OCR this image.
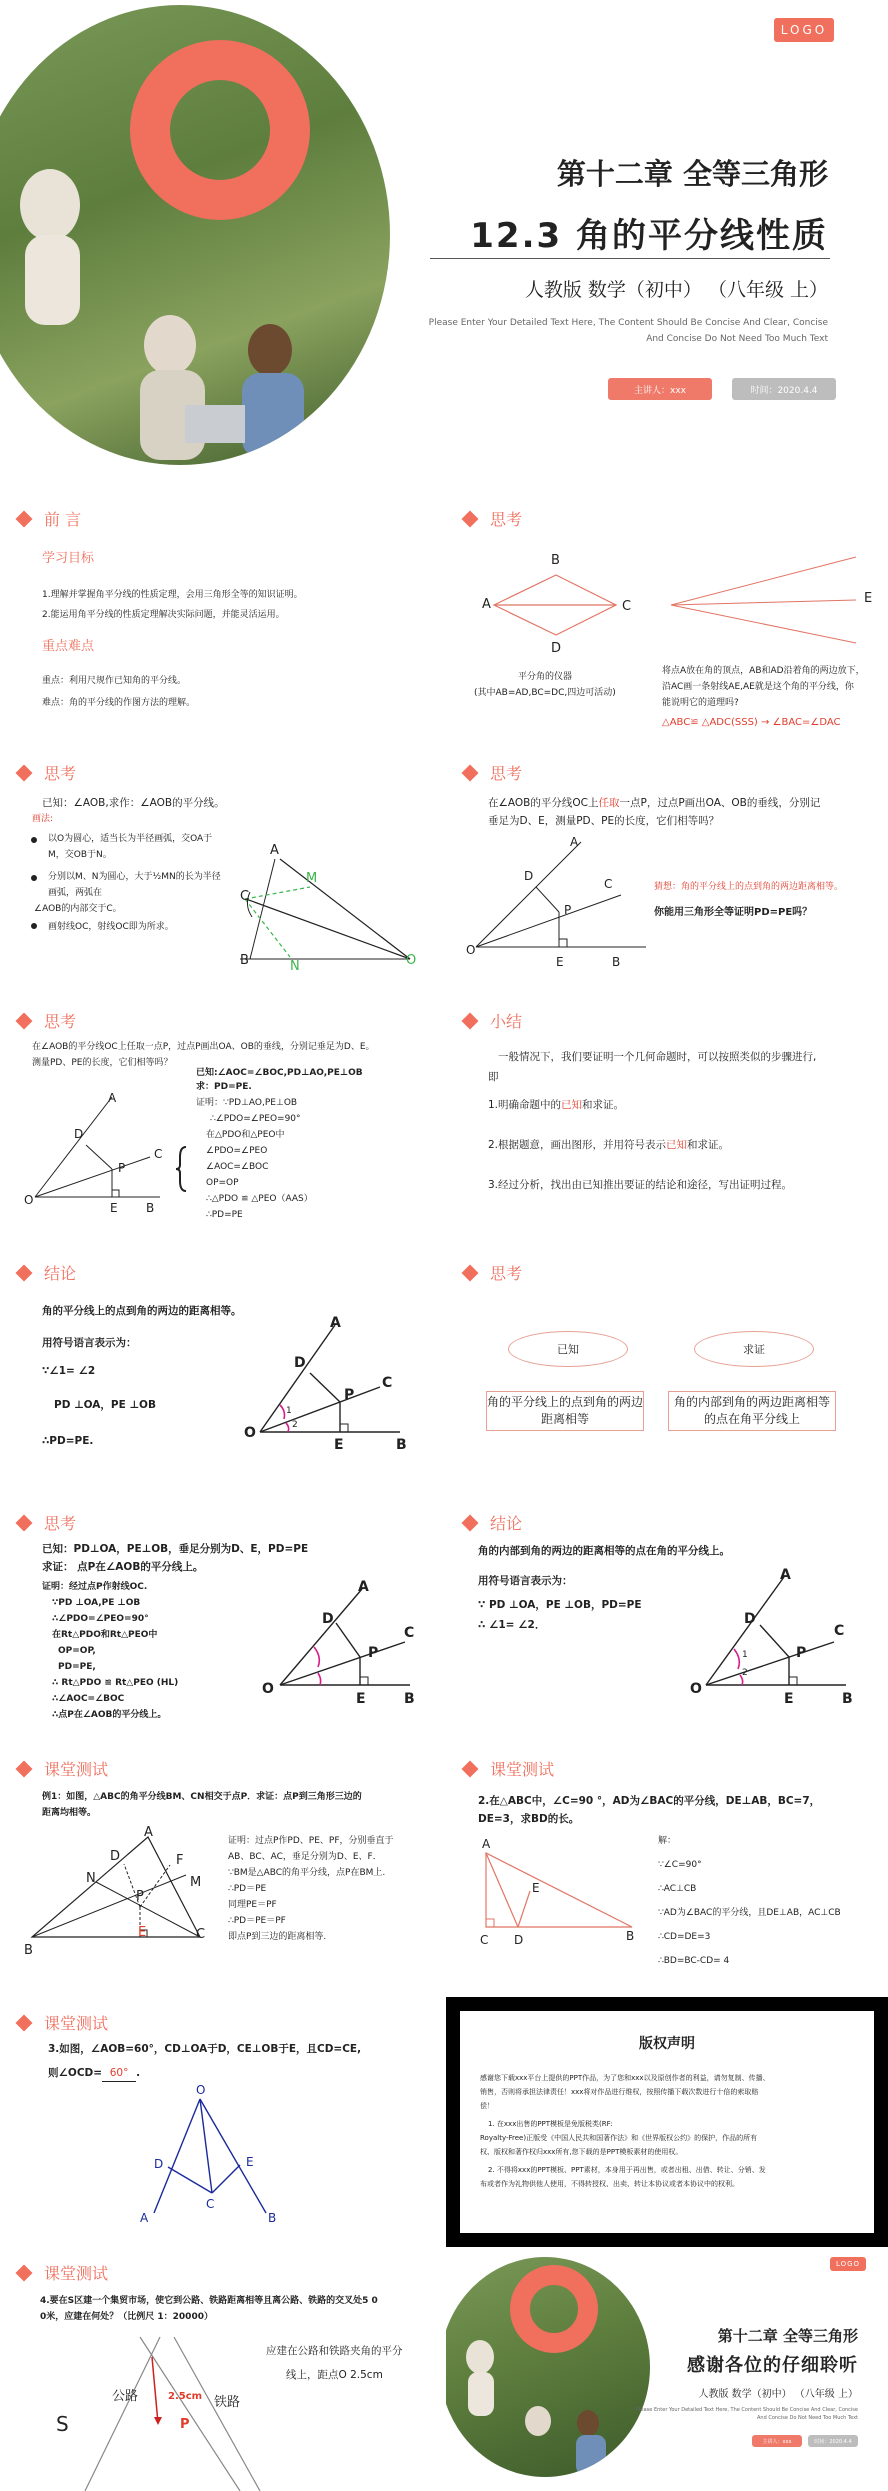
LOGO
第十二章 全等三角形
12.3 角的平分线性质
人教版 数学（初中） （八年级 上）
Please Enter Your Detailed Text Here, The Content Should Be Concise And Clear, Concise
And Concise Do Not Need Too Much Text
主讲人：xxx	时间：2020.4.4
前 言
学习目标
1.理解并掌握角平分线的性质定理，会用三角形全等的知识证明。
2.能运用角平分线的性质定理解决实际问题，并能灵活运用。
重点难点
重点：利用尺规作已知角的平分线。
难点：角的平分线的作图方法的理解。
思考
A
B
C
D
E
平分角的仪器
(其中AB=AD,BC=DC,四边可活动)
将点A放在角的顶点，AB和AD沿着角的两边放下，
沿AC画一条射线AE,AE就是这个角的平分线，你
能说明它的道理吗?
△ABC≌ △ADC(SSS) → ∠BAC=∠DAC
思考
已知：∠AOB,求作：∠AOB的平分线。
画法:
以O为圆心，适当长为半径画弧，交OA于
M，交OB于N。
分别以M、N为圆心，大于½MN的长为半径
画弧，两弧在
∠AOB的内部交于C。
画射线OC，射线OC即为所求。
A
M
C
B	N	O
思考
在∠AOB的平分线OC上任取一点P，过点P画出OA、OB的垂线，分别记
垂足为D、E，测量PD、PE的长度，它们相等吗？
A
D
C
P
O
E	B
猜想：角的平分线上的点到角的两边距离相等。
你能用三角形全等证明PD=PE吗？
思考
在∠AOB的平分线OC上任取一点P，过点P画出OA、OB的垂线，分别记垂足为D、E。
测量PD、PE的长度，它们相等吗？
A
D
C
P
O
E B
已知:∠AOC=∠BOC,PD⊥AO,PE⊥OB
求：PD=PE.
证明：∵PD⊥AO,PE⊥OB
∴∠PDO=∠PEO=90°
在△PDO和△PEO中
∠PDO=∠PEO
∠AOC=∠BOC
OP=OP
∴△PDO ≌ △PEO（AAS）
∴PD=PE
小结
一般情况下，我们要证明一个几何命题时，可以按照类似的步骤进行,
即
1.明确命题中的已知和求证。
2.根据题意，画出图形，并用符号表示已知和求证。
3.经过分析，找出由已知推出要证的结论和途径，写出证明过程。
结论
角的平分线上的点到角的两边的距离相等。
用符号语言表示为：
∵∠1= ∠2
PD ⊥OA，PE ⊥OB
∴PD=PE.
A
D
C
P
O
E	B
1
2
思考
已知	求证
角的平分线上的点到角的两边距离相等
角的内部到角的两边距离相等的点在角平分线上
思考
已知：PD⊥OA，PE⊥OB，垂足分别为D、E，PD=PE
求证： 点P在∠AOB的平分线上。
证明：经过点P作射线OC.
∵PD ⊥OA,PE ⊥OB
∴∠PDO=∠PEO=90°
在Rt△PDO和Rt△PEO中
OP=OP,
PD=PE,
∴ Rt△PDO ≌ Rt△PEO (HL)
∴∠AOC=∠BOC
∴点P在∠AOB的平分线上。
A
D
C
P
O
E	B
结论
角的内部到角的两边的距离相等的点在角的平分线上。
用符号语言表示为：
∵ PD ⊥OA，PE ⊥OB，PD=PE
∴ ∠1= ∠2．
A
D
C
P
O
E	B
1
2
课堂测试
例1：如图，△ABC的角平分线BM、CN相交于点P．求证：点P到三角形三边的
距离均相等。
A
D	F
N	M
P
B
E	C
证明：过点P作PD、PE、PF，分别垂直于
AB、BC、AC，垂足分别为D、E、F．
∵BM是△ABC的角平分线，点P在BM上.
∴PD＝PE
同理PE＝PF
∴PD＝PE＝PF
即点P到三边的距离相等.
课堂测试
2.在△ABC中，∠C=90 °，AD为∠BAC的平分线，DE⊥AB，BC=7，
DE=3，求BD的长。
A
E
C D	B
解：
∵∠C=90°
∴AC⊥CB
∵AD为∠BAC的平分线，且DE⊥AB，AC⊥CB
∴CD=DE=3
∴BD=BC-CD= 4
课堂测试
3.如图，∠AOB=60°，CD⊥OA于D，CE⊥OB于E，且CD=CE,
则∠OCD= 60° .
O
D	E
C
A	B
版权声明
感谢您下载xxx平台上提供的PPT作品，为了您和xxx以及原创作者的利益，请勿复制、传播、
销售，否则将承担法律责任！xxx将对作品进行维权，按照传播下载次数进行十倍的索取赔
偿！
1. 在xxx出售的PPT模板是免版税类(RF:
Royalty-Free)正版受《中国人民共和国著作法》和《世界版权公约》的保护，作品的所有
权、版权和著作权归xxx所有,您下载的是PPT模板素材的使用权。
2. 不得将xxx的PPT模板、PPT素材，本身用于再出售，或者出租、出借、转让、分销、发
布或者作为礼物供他人使用，不得转授权、出卖、转让本协议或者本协议中的权利。
课堂测试
4.要在S区建一个集贸市场，使它到公路、铁路距离相等且离公路、铁路的交叉处5 0
0米，应建在何处？（比例尺 1：20000）
公路	铁路
2.5cm
P
S
应建在公路和铁路夹角的平分
线上，距点O 2.5cm
LOGO
第十二章 全等三角形
感谢各位的仔细聆听
人教版 数学（初中） （八年级 上）
Please Enter Your Detailed Text Here, The Content Should Be Concise And Clear, Concise
And Concise Do Not Need Too Much Text
主讲人：xxx	时间：2020.4.4
